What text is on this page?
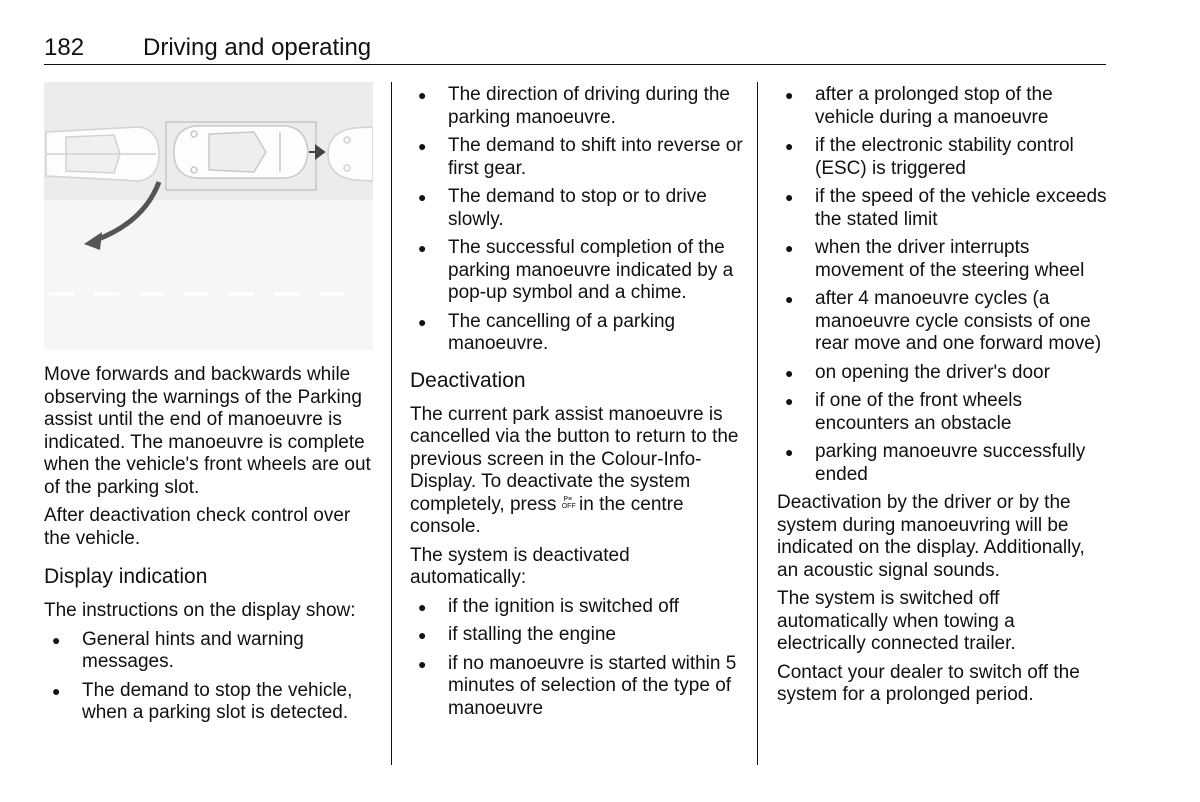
182 Driving and operating

Move forwards and backwards while observing the warnings of the Parking assist until the end of manoeuvre is indicated. The manoeuvre is complete when the vehicle's front wheels are out of the parking slot.

After deactivation check control over the vehicle.

Display indication

The instructions on the display show:

● General hints and warning messages.
● The demand to stop the vehicle, when a parking slot is detected.
● The direction of driving during the parking manoeuvre.
● The demand to shift into reverse or first gear.
● The demand to stop or to drive slowly.
● The successful completion of the parking manoeuvre indicated by a pop-up symbol and a chime.
● The cancelling of a parking manoeuvre.
Deactivation

The current park assist manoeuvre is cancelled via the button to return to the previous screen in the Colour-Info-Display. To deactivate the system completely, press P≡
OFF in the centre console.

The system is deactivated automatically:

● if the ignition is switched off
● if stalling the engine
● if no manoeuvre is started within 5 minutes of selection of the type of manoeuvre
● after a prolonged stop of the vehicle during a manoeuvre
● if the electronic stability control (ESC) is triggered
● if the speed of the vehicle exceeds the stated limit
● when the driver interrupts movement of the steering wheel
● after 4 manoeuvre cycles (a manoeuvre cycle consists of one rear move and one forward move)
● on opening the driver's door
● if one of the front wheels encounters an obstacle
● parking manoeuvre successfully ended

Deactivation by the driver or by the system during manoeuvring will be indicated on the display. Additionally, an acoustic signal sounds.

The system is switched off automatically when towing a electrically connected trailer.

Contact your dealer to switch off the system for a prolonged period.
